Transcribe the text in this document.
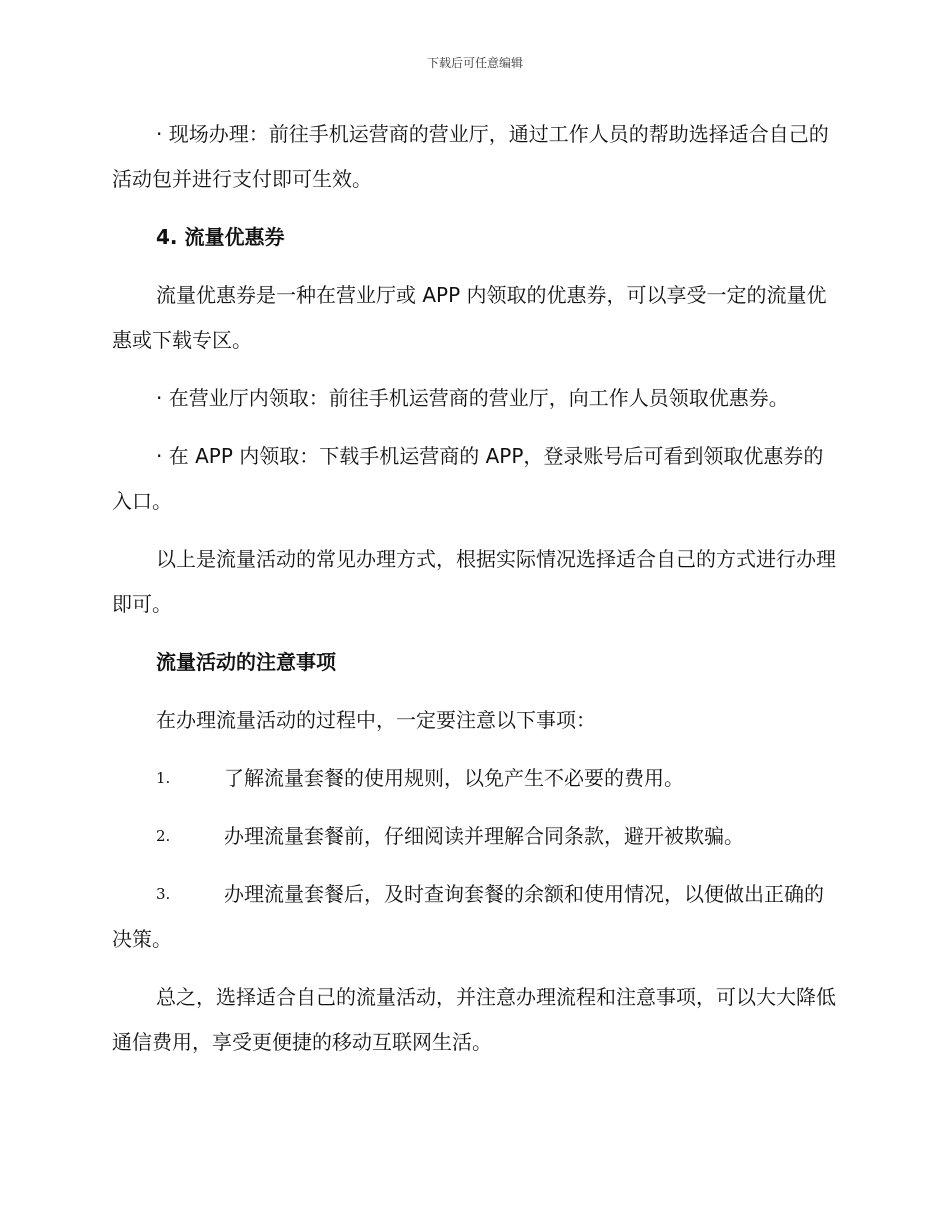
下载后可任意编辑

· 现场办理：前往手机运营商的营业厅，通过工作人员的帮助选择适合自己的活动包并进行支付即可生效。

4. 流量优惠券

流量优惠券是一种在营业厅或 APP 内领取的优惠券，可以享受一定的流量优惠或下载专区。

· 在营业厅内领取：前往手机运营商的营业厅，向工作人员领取优惠券。

· 在 APP 内领取：下载手机运营商的 APP，登录账号后可看到领取优惠券的入口。

以上是流量活动的常见办理方式，根据实际情况选择适合自己的方式进行办理即可。

流量活动的注意事项

在办理流量活动的过程中，一定要注意以下事项：

1.	了解流量套餐的使用规则，以免产生不必要的费用。

2.	办理流量套餐前，仔细阅读并理解合同条款，避开被欺骗。

3.	办理流量套餐后，及时查询套餐的余额和使用情况，以便做出正确的决策。

总之，选择适合自己的流量活动，并注意办理流程和注意事项，可以大大降低通信费用，享受更便捷的移动互联网生活。
